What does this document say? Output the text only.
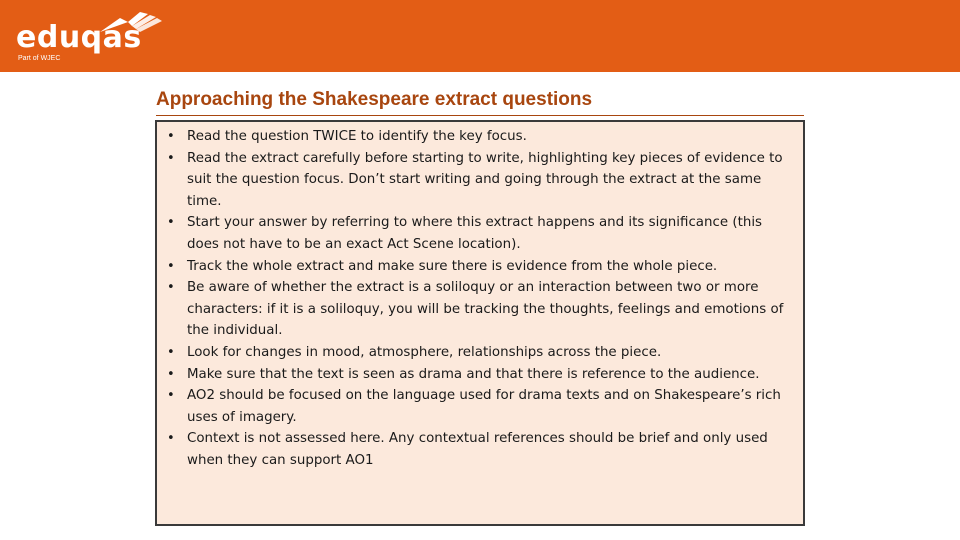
eduqas
Part of WJEC
Approaching the Shakespeare extract questions
• Read the question TWICE to identify the key focus.
• Read the extract carefully before starting to write, highlighting key pieces of evidence to suit the question focus. Don’t start writing and going through the extract at the same time.
• Start your answer by referring to where this extract happens and its significance (this does not have to be an exact Act Scene location).
• Track the whole extract and make sure there is evidence from the whole piece.
• Be aware of whether the extract is a soliloquy or an interaction between two or more characters: if it is a soliloquy, you will be tracking the thoughts, feelings and emotions of the individual.
• Look for changes in mood, atmosphere, relationships across the piece.
• Make sure that the text is seen as drama and that there is reference to the audience.
• AO2 should be focused on the language used for drama texts and on Shakespeare’s rich uses of imagery.
• Context is not assessed here. Any contextual references should be brief and only used when they can support AO1
